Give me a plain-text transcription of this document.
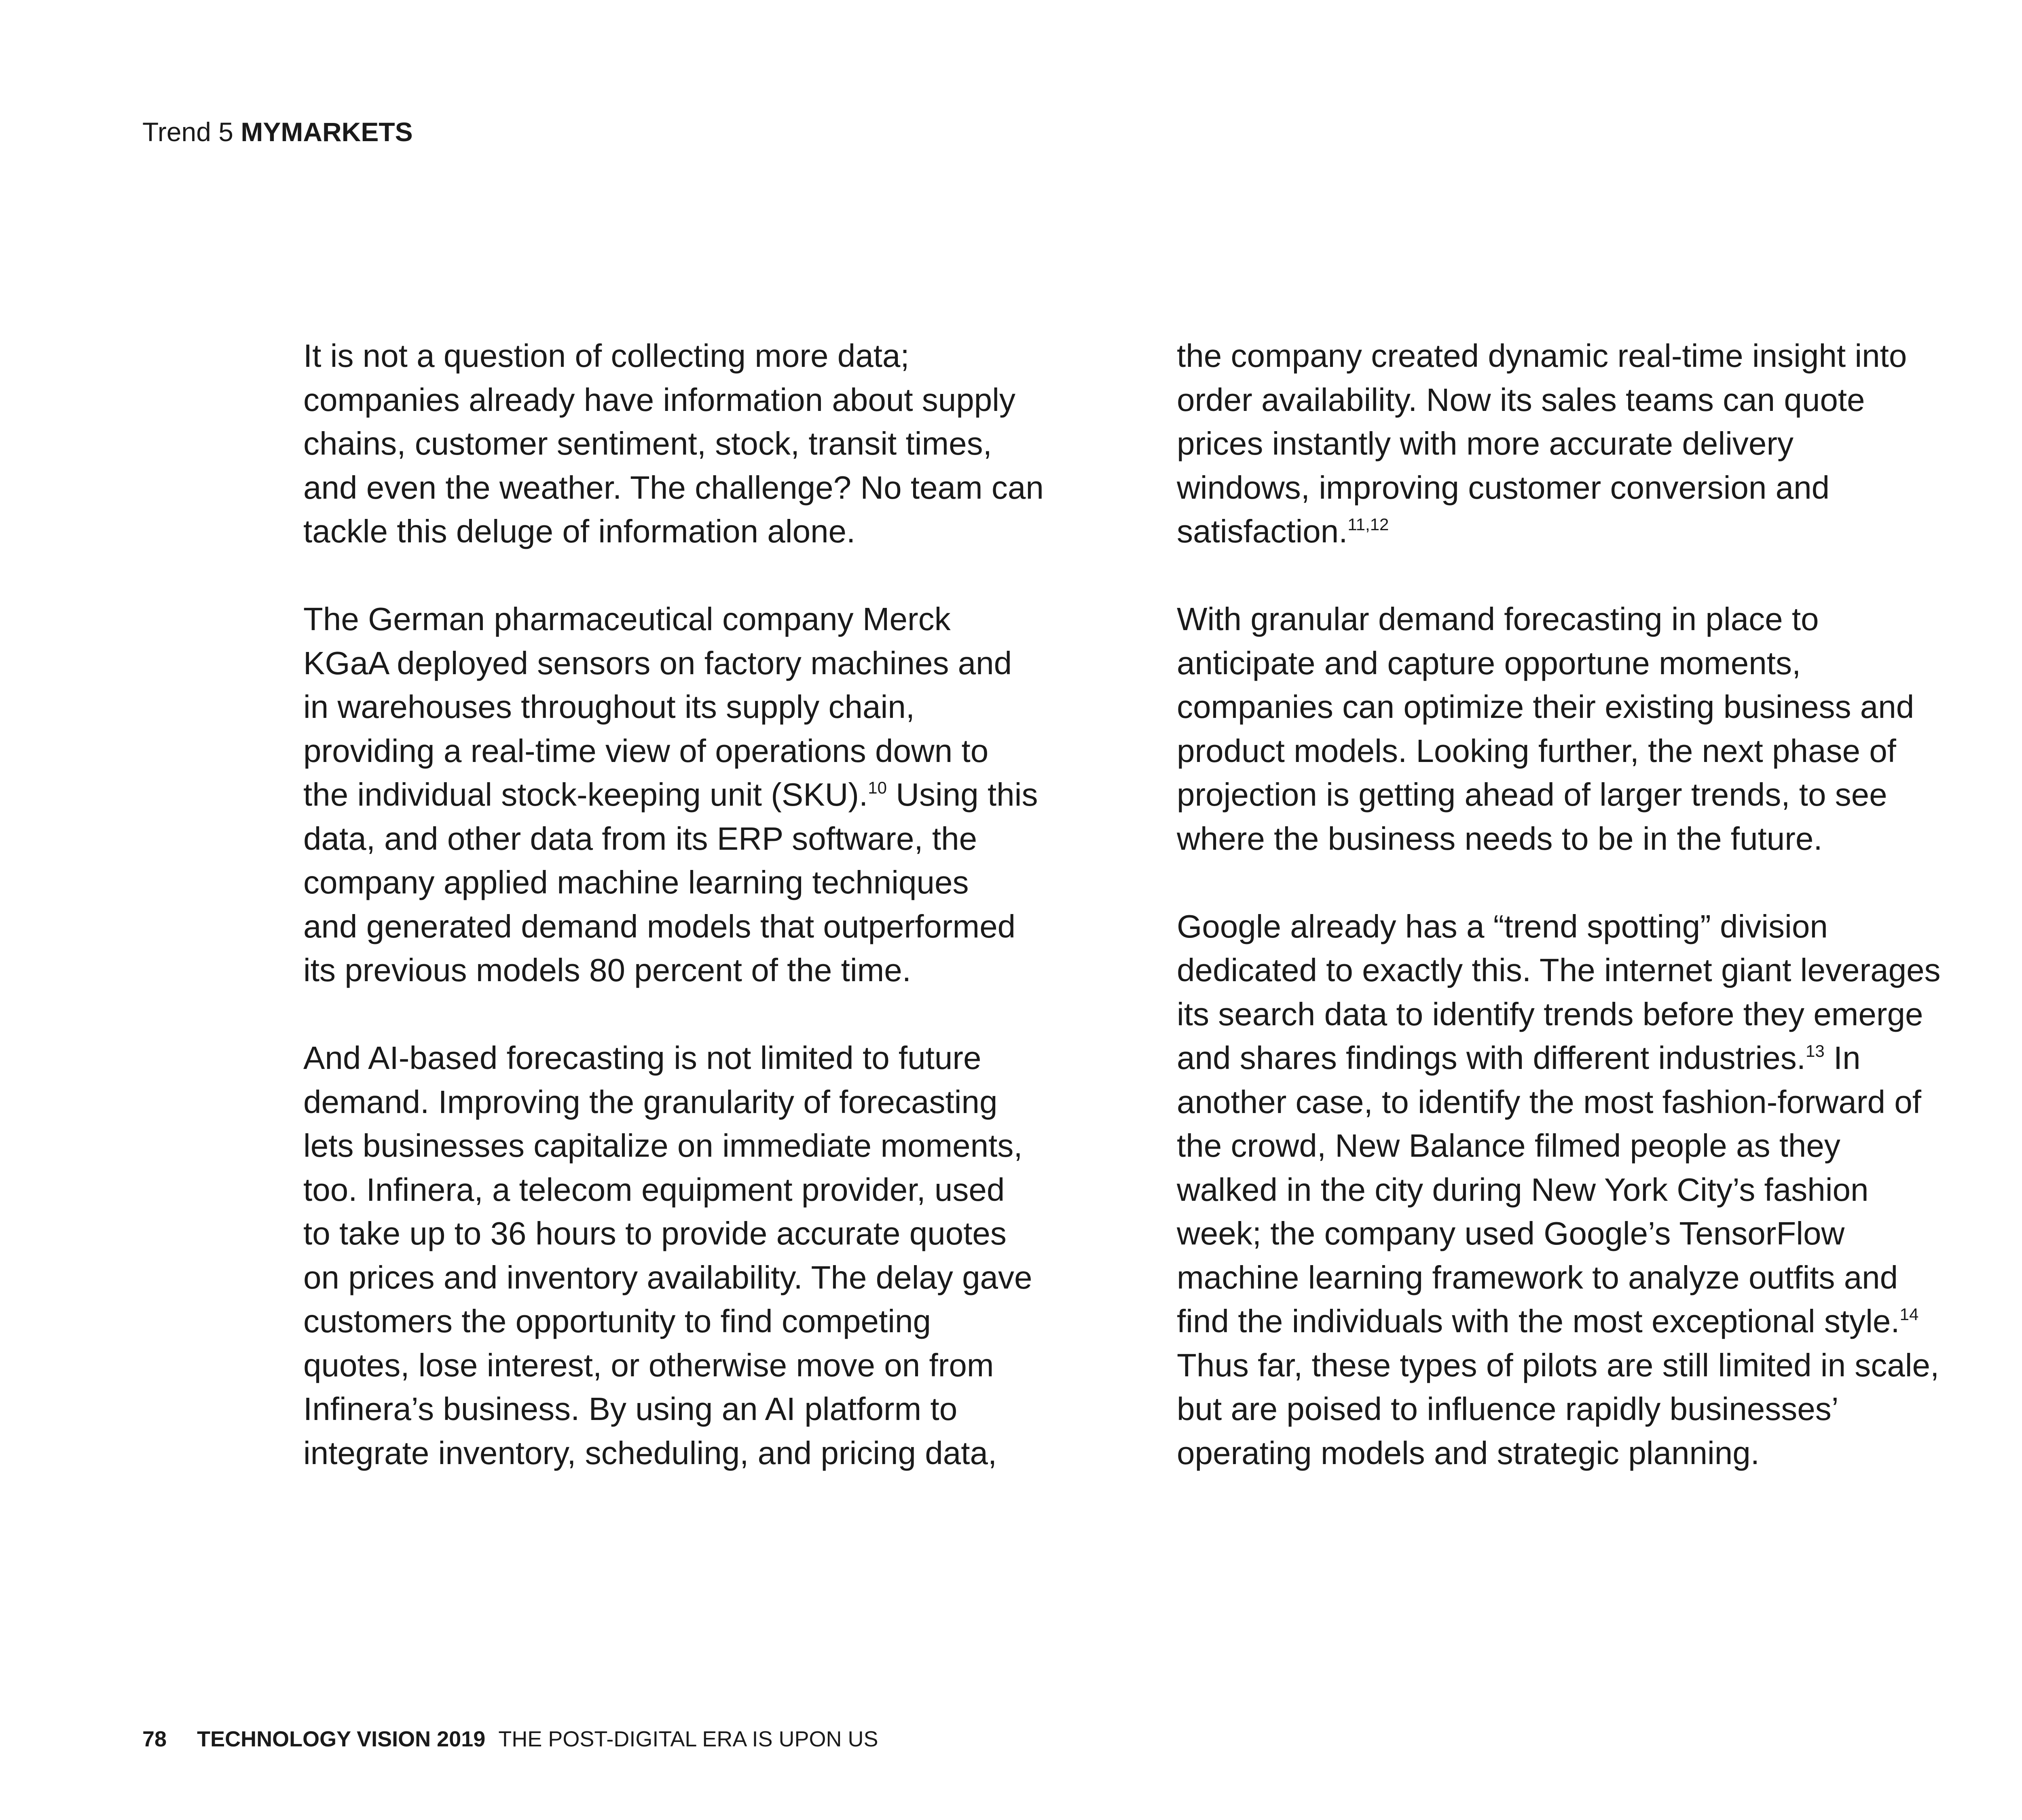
Trend 5 MYMARKETS
It is not a question of collecting more data;
companies already have information about supply
chains, customer sentiment, stock, transit times,
and even the weather. The challenge? No team can
tackle this deluge of information alone.
The German pharmaceutical company Merck
KGaA deployed sensors on factory machines and
in warehouses throughout its supply chain,
providing a real-time view of operations down to
the individual stock-keeping unit (SKU).$^{10}$ Using this
data, and other data from its ERP software, the
company applied machine learning techniques
and generated demand models that outperformed
its previous models 80 percent of the time.
And AI-based forecasting is not limited to future
demand. Improving the granularity of forecasting
lets businesses capitalize on immediate moments,
too. Infinera, a telecom equipment provider, used
to take up to 36 hours to provide accurate quotes
on prices and inventory availability. The delay gave
customers the opportunity to find competing
quotes, lose interest, or otherwise move on from
Infinera’s business. By using an AI platform to
integrate inventory, scheduling, and pricing data,
the company created dynamic real-time insight into
order availability. Now its sales teams can quote
prices instantly with more accurate delivery
windows, improving customer conversion and
satisfaction.$^{11,12}$
With granular demand forecasting in place to
anticipate and capture opportune moments,
companies can optimize their existing business and
product models. Looking further, the next phase of
projection is getting ahead of larger trends, to see
where the business needs to be in the future.
Google already has a “trend spotting” division
dedicated to exactly this. The internet giant leverages
its search data to identify trends before they emerge
and shares findings with different industries.$^{13}$ In
another case, to identify the most fashion-forward of
the crowd, New Balance filmed people as they
walked in the city during New York City’s fashion
week; the company used Google’s TensorFlow
machine learning framework to analyze outfits and
find the individuals with the most exceptional style.$^{14}$
Thus far, these types of pilots are still limited in scale,
but are poised to influence rapidly businesses’
operating models and strategic planning.
78 TECHNOLOGY VISION 2019 THE POST-DIGITAL ERA IS UPON US
